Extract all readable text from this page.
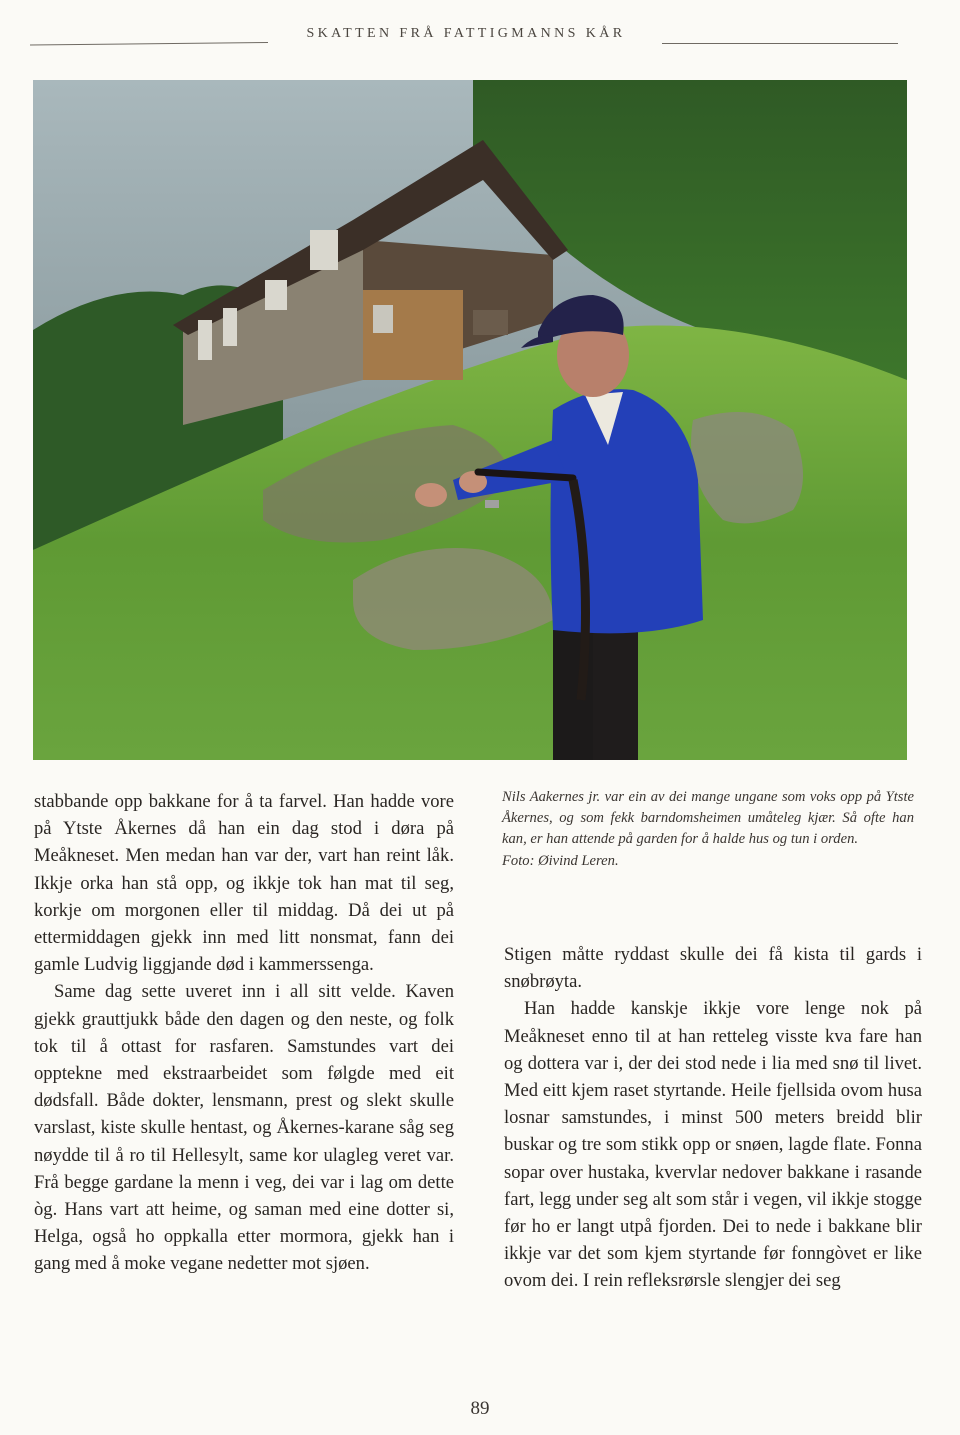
SKATTEN FRÅ FATTIGMANNS KÅR

stabbande opp bakkane for å ta farvel. Han hadde vore på Ytste Åkernes då han ein dag stod i døra på Meåkneset. Men medan han var der, vart han reint låk. Ikkje orka han stå opp, og ikkje tok han mat til seg, korkje om morgonen eller til middag. Då dei ut på ettermiddagen gjekk inn med litt nonsmat, fann dei gamle Ludvig liggjande død i kammerssenga.

Same dag sette uveret inn i all sitt velde. Kaven gjekk grauttjukk både den dagen og den neste, og folk tok til å ottast for rasfaren. Samstundes vart dei opptekne med ekstraarbeidet som følgde med eit dødsfall. Både dokter, lensmann, prest og slekt skulle varslast, kiste skulle hentast, og Åkernes-karane såg seg nøydde til å ro til Hellesylt, same kor ulagleg veret var. Frå begge gardane la menn i veg, dei var i lag om dette òg. Hans vart att heime, og saman med eine dotter si, Helga, også ho oppkalla etter mormora, gjekk han i gang med å moke vegane nedetter mot sjøen.

Nils Aakernes jr. var ein av dei mange ungane som voks opp på Ytste Åkernes, og som fekk barndomsheimen umåteleg kjær. Så ofte han kan, er han attende på garden for å halde hus og tun i orden.
Foto: Øivind Leren.

Stigen måtte ryddast skulle dei få kista til gards i snøbrøyta.

Han hadde kanskje ikkje vore lenge nok på Meåkneset enno til at han retteleg visste kva fare han og dottera var i, der dei stod nede i lia med snø til livet. Med eitt kjem raset styrtande. Heile fjellsida ovom husa losnar samstundes, i minst 500 meters breidd blir buskar og tre som stikk opp or snøen, lagde flate. Fonna sopar over hustaka, kvervlar nedover bakkane i rasande fart, legg under seg alt som står i vegen, vil ikkje stogge før ho er langt utpå fjorden. Dei to nede i bakkane blir ikkje var det som kjem styrtande før fonngòvet er like ovom dei. I rein refleksrørsle slengjer dei seg

89
